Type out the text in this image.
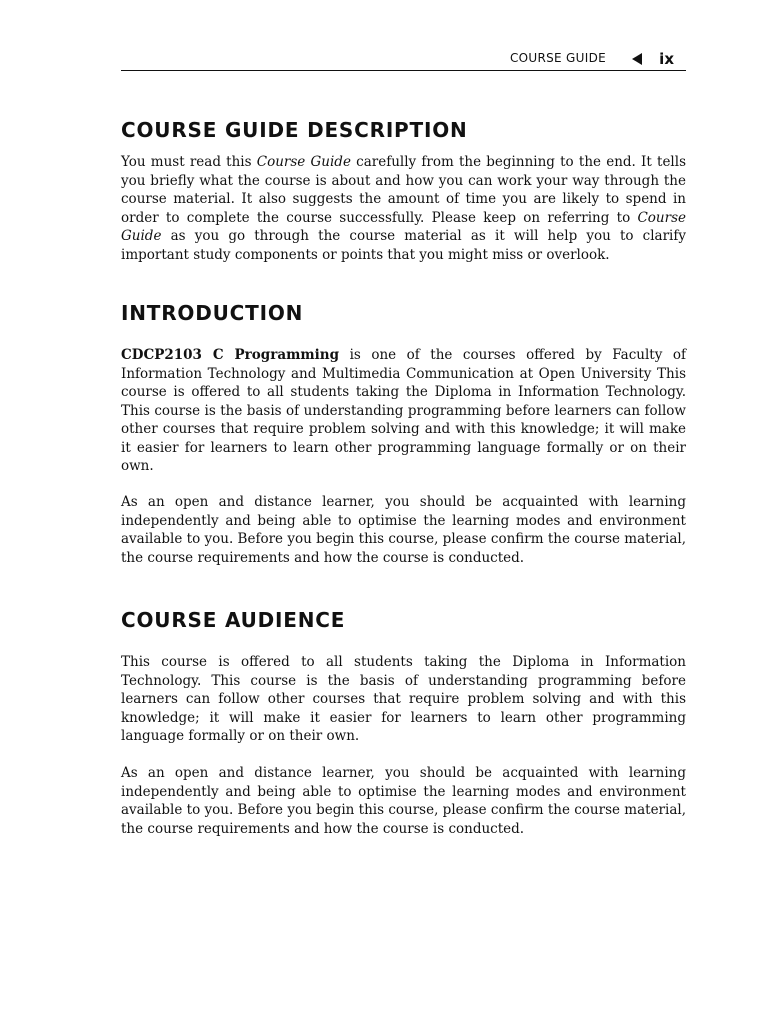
COURSE GUIDE	ix
COURSE GUIDE DESCRIPTION

You must read this Course Guide carefully from the beginning to the end. It tells you briefly what the course is about and how you can work your way through the course material. It also suggests the amount of time you are likely to spend in order to complete the course successfully. Please keep on referring to Course Guide as you go through the course material as it will help you to clarify important study components or points that you might miss or overlook.

INTRODUCTION

CDCP2103 C Programming is one of the courses offered by Faculty of Information Technology and Multimedia Communication at Open University This course is offered to all students taking the Diploma in Information Technology. This course is the basis of understanding programming before learners can follow other courses that require problem solving and with this knowledge; it will make it easier for learners to learn other programming language formally or on their own.

As an open and distance learner, you should be acquainted with learning independently and being able to optimise the learning modes and environment available to you. Before you begin this course, please confirm the course material, the course requirements and how the course is conducted.

COURSE AUDIENCE

This course is offered to all students taking the Diploma in Information Technology. This course is the basis of understanding programming before learners can follow other courses that require problem solving and with this knowledge; it will make it easier for learners to learn other programming language formally or on their own.

As an open and distance learner, you should be acquainted with learning independently and being able to optimise the learning modes and environment available to you. Before you begin this course, please confirm the course material, the course requirements and how the course is conducted.
